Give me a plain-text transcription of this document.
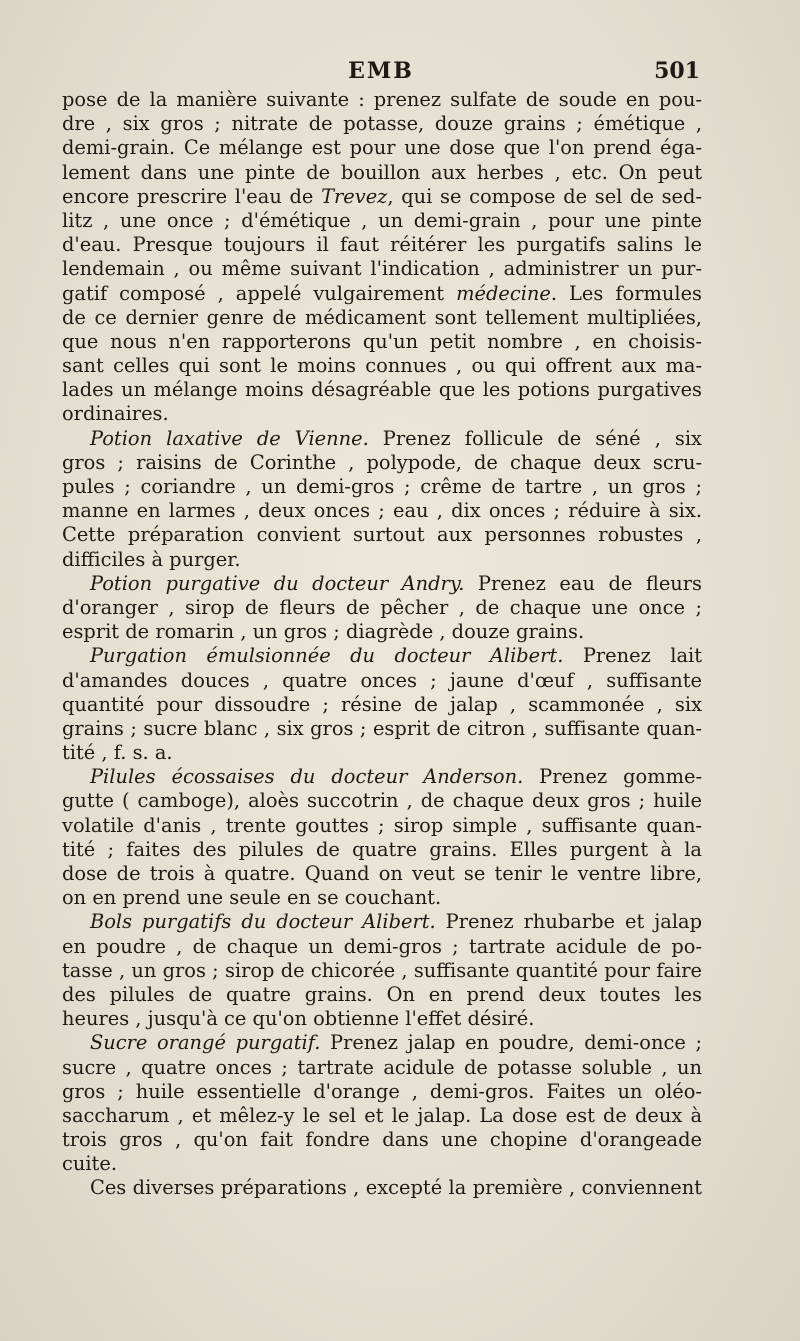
EMB	501
pose de la manière suivante : prenez sulfate de soude en pou-
dre , six gros ; nitrate de potasse, douze grains ; émétique ,
demi-grain. Ce mélange est pour une dose que l'on prend éga-
lement dans une pinte de bouillon aux herbes , etc. On peut
encore prescrire l'eau de Trevez, qui se compose de sel de sed-
litz , une once ; d'émétique , un demi-grain , pour une pinte
d'eau. Presque toujours il faut réitérer les purgatifs salins le
lendemain , ou même suivant l'indication , administrer un pur-
gatif composé , appelé vulgairement médecine. Les formules
de ce dernier genre de médicament sont tellement multipliées,
que nous n'en rapporterons qu'un petit nombre , en choisis-
sant celles qui sont le moins connues , ou qui offrent aux ma-
lades un mélange moins désagréable que les potions purgatives
ordinaires.
Potion laxative de Vienne. Prenez follicule de séné , six
gros ; raisins de Corinthe , polypode, de chaque deux scru-
pules ; coriandre , un demi-gros ; crême de tartre , un gros ;
manne en larmes , deux onces ; eau , dix onces ; réduire à six.
Cette préparation convient surtout aux personnes robustes ,
difficiles à purger.
Potion purgative du docteur Andry. Prenez eau de fleurs
d'oranger , sirop de fleurs de pêcher , de chaque une once ;
esprit de romarin , un gros ; diagrède , douze grains.
Purgation émulsionnée du docteur Alibert. Prenez lait
d'amandes douces , quatre onces ; jaune d'œuf , suffisante
quantité pour dissoudre ; résine de jalap , scammonée , six
grains ; sucre blanc , six gros ; esprit de citron , suffisante quan-
tité , f. s. a.
Pilules écossaises du docteur Anderson. Prenez gomme-
gutte ( camboge), aloès succotrin , de chaque deux gros ; huile
volatile d'anis , trente gouttes ; sirop simple , suffisante quan-
tité ; faites des pilules de quatre grains. Elles purgent à la
dose de trois à quatre. Quand on veut se tenir le ventre libre,
on en prend une seule en se couchant.
Bols purgatifs du docteur Alibert. Prenez rhubarbe et jalap
en poudre , de chaque un demi-gros ; tartrate acidule de po-
tasse , un gros ; sirop de chicorée , suffisante quantité pour faire
des pilules de quatre grains. On en prend deux toutes les
heures , jusqu'à ce qu'on obtienne l'effet désiré.
Sucre orangé purgatif. Prenez jalap en poudre, demi-once ;
sucre , quatre onces ; tartrate acidule de potasse soluble , un
gros ; huile essentielle d'orange , demi-gros. Faites un oléo-
saccharum , et mêlez-y le sel et le jalap. La dose est de deux à
trois gros , qu'on fait fondre dans une chopine d'orangeade
cuite.
Ces diverses préparations , excepté la première , conviennent
